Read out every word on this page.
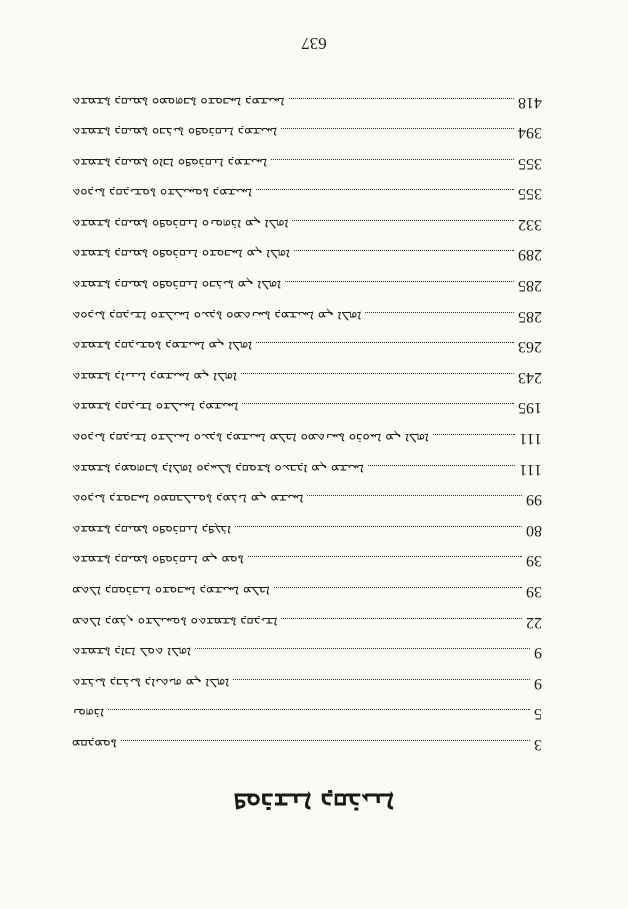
ܦܘܪܫܢܐ ܕܩܪܝܢܐ
ܡܩܕܡܘܬܐ	3
ܢܘܗܪܐ	5
ܬܫܪܝܬܐ ܕܒܪܝܬܐ ܕܐܝܬܝܗ ܡܢ ܐܠܗܐ	9
ܬܫܡܫܬܐ ܕܐܒܐ ܠܘܬ ܐܠܗܐ	9
ܡܬܠܐ ܕܡܪܢ ܘܫܠܝܚܘܬܐ ܘܬܫܡܫܬܐ ܕܩܕܝܫܐ	22
ܡܬܠܐ ܕܩܘܪܒܢܐ ܘܫܘܒܚܐ ܕܡܫܝܚܐ ܡܠܟܐ	39
ܬܫܡܫܬܐ ܕܩܝܡܬܐ ܘܦܘܪܩܢܐ ܡܢ ܡܘܬܐ	39
ܬܫܡܫܬܐ ܕܩܝܡܬܐ ܘܦܘܪܩܢܐ ܕܦܓܪܐ	80
ܬܘܕܝܬܐ ܕܫܘܒܚܐ ܘܡܩܒܠܢܘܬܐ ܕܡܪܝܐ ܡܢ ܡܫܝܚܐ	99
ܬܫܡܫܬܐ ܕܡܘܗܒܬܐ ܕܐܠܗܐ ܘܕܚܠܬܐ ܕܩܘܫܬܐ ܘܥܒܕܐ ܡܢ ܡܫܝܚܐ	111
ܬܘܕܝܬܐ ܕܩܕܝܫܐ ܘܫܠܝܚܐ ܘܥܕܬܐ ܕܡܫܝܚܐ ܡܠܟܐ ܘܡܬܢܚܬܐ ܘܪܘܚܐ ܡܢ ܐܠܗܐ	111
ܬܫܡܫܬܐ ܕܩܕܝܫܐ ܘܫܠܝܚܐ ܕܡܫܝܚܐ	195
ܬܫܡܫܬܐ ܕܐܝܢܝܐ ܕܡܫܝܚܐ ܡܢ ܐܠܗܐ	243
ܬܫܡܫܬܐ ܕܩܕܝܫܘܬܐ ܕܡܫܝܚܐ ܡܢ ܐܠܗܐ	263
ܬܘܕܝܬܐ ܕܩܕܝܫܐ ܘܫܠܝܚܐ ܘܥܕܬܐ ܘܡܬܢܚܬܐ ܕܡܫܝܚܐ ܡܢ ܐܠܗܐ	285
ܬܫܡܫܬܐ ܕܩܝܡܬܐ ܘܦܘܪܩܢܐ ܘܒܪܝܬܐ ܡܢ ܐܠܗܐ	285
ܬܫܡܫܬܐ ܕܩܝܡܬܐ ܘܦܘܪܩܢܐ ܘܫܘܒܚܐ ܡܢ ܐܠܗܐ	289
ܬܫܡܫܬܐ ܕܩܝܡܬܐ ܘܦܘܪܩܢܐ ܘܢܘܗܪܐ ܡܢ ܐܠܗܐ	332
ܬܘܕܝܬܐ ܕܩܕܝܫܘܬܐ ܘܫܠܝܚܘܬܐ ܕܡܫܝܚܐ	355
ܬܫܡܫܬܐ ܕܩܝܡܬܐ ܘܐܒܐ ܘܦܘܪܩܢܐ ܕܡܫܝܚܐ	355
ܬܫܡܫܬܐ ܕܩܝܡܬܐ ܘܒܪܝܬܐ ܘܦܘܪܩܢܐ ܕܡܫܝܚܐ	394
ܬܫܡܫܬܐ ܕܩܝܡܬܐ ܘܡܘܗܒܬܐ ܘܫܘܒܚܐ ܕܡܫܝܚܐ	418
637
